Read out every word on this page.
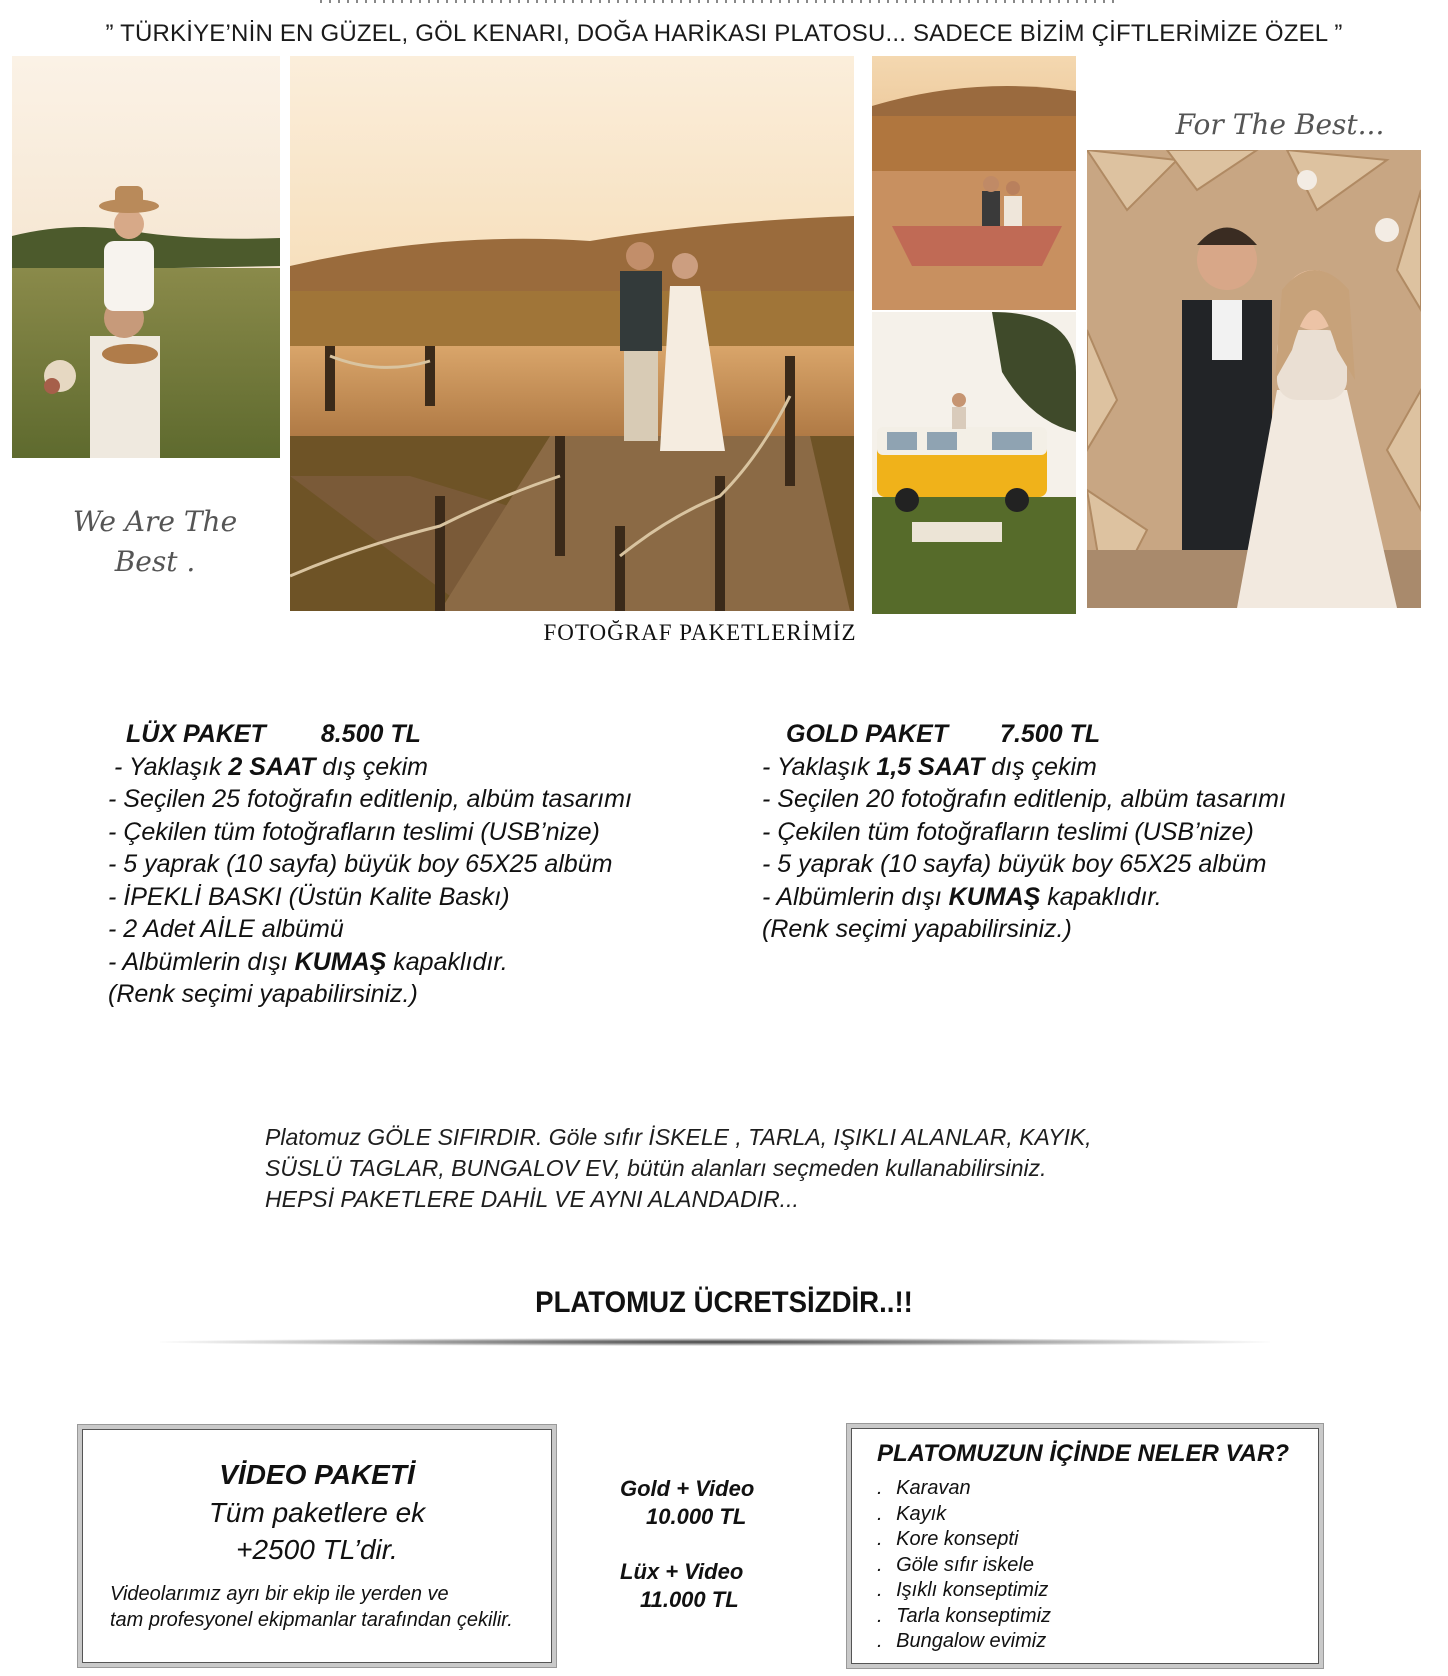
” TÜRKİYE’NİN EN GÜZEL, GÖL KENARI, DOĞA HARİKASI PLATOSU... SADECE BİZİM ÇİFTLERİMİZE ÖZEL ”
We Are The
Best .
For The Best...
FOTOĞRAF PAKETLERİMİZ
LÜX PAKET 8.500 TL
- Yaklaşık 2 SAAT dış çekim
- Seçilen 25 fotoğrafın editlenip, albüm tasarımı
- Çekilen tüm fotoğrafların teslimi (USB’nize)
- 5 yaprak (10 sayfa) büyük boy 65X25 albüm
- İPEKLİ BASKI (Üstün Kalite Baskı)
- 2 Adet AİLE albümü
- Albümlerin dışı KUMAŞ kapaklıdır.
(Renk seçimi yapabilirsiniz.)
GOLD PAKET 7.500 TL
- Yaklaşık 1,5 SAAT dış çekim
- Seçilen 20 fotoğrafın editlenip, albüm tasarımı
- Çekilen tüm fotoğrafların teslimi (USB’nize)
- 5 yaprak (10 sayfa) büyük boy 65X25 albüm
- Albümlerin dışı KUMAŞ kapaklıdır.
(Renk seçimi yapabilirsiniz.)
Platomuz GÖLE SIFIRDIR. Göle sıfır İSKELE , TARLA, IŞIKLI ALANLAR, KAYIK,
SÜSLÜ TAGLAR, BUNGALOV EV, bütün alanları seçmeden kullanabilirsiniz.
HEPSİ PAKETLERE DAHİL VE AYNI ALANDADIR...
PLATOMUZ ÜCRETSİZDİR..!!
VİDEO PAKETİ
Tüm paketlere ek
+2500 TL’dir.
Videolarımız ayrı bir ekip ile yerden ve
tam profesyonel ekipmanlar tarafından çekilir.
Gold + Video
10.000 TL
Lüx + Video
11.000 TL
PLATOMUZUN İÇİNDE NELER VAR?
. Karavan
. Kayık
. Kore konsepti
. Göle sıfır iskele
. Işıklı konseptimiz
. Tarla konseptimiz
. Bungalow evimiz
